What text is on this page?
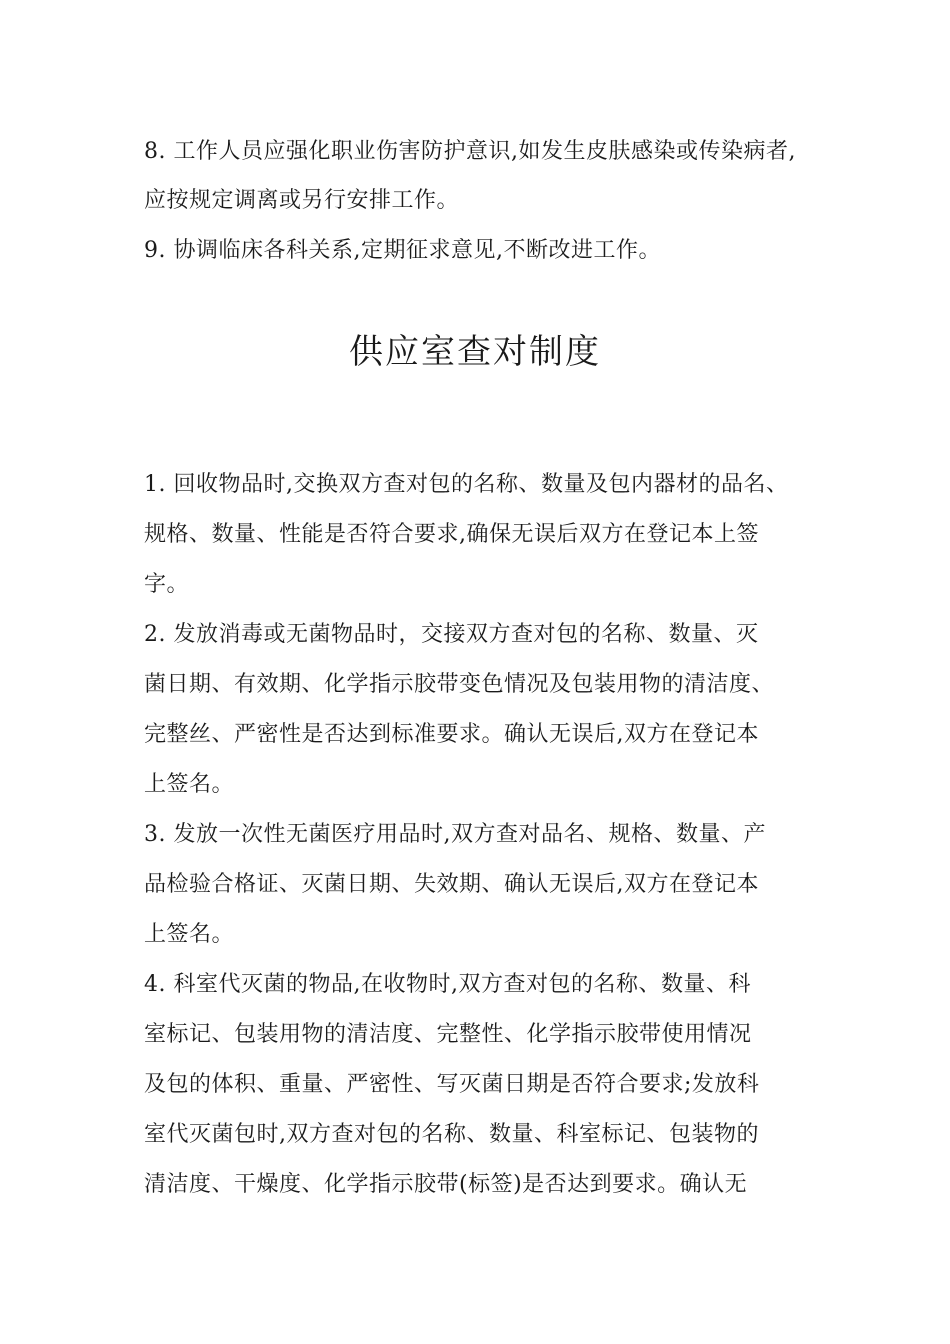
8. 工作人员应强化职业伤害防护意识,如发生皮肤感染或传染病者,
应按规定调离或另行安排工作。
9. 协调临床各科关系,定期征求意见,不断改进工作。
供应室查对制度
1. 回收物品时,交换双方查对包的名称、数量及包内器材的品名、
规格、数量、性能是否符合要求,确保无误后双方在登记本上签
字。
2. 发放消毒或无菌物品时，交接双方查对包的名称、数量、灭
菌日期、有效期、化学指示胶带变色情况及包装用物的清洁度、
完整丝、严密性是否达到标准要求。确认无误后,双方在登记本
上签名。
3. 发放一次性无菌医疗用品时,双方查对品名、规格、数量、产
品检验合格证、灭菌日期、失效期、确认无误后,双方在登记本
上签名。
4. 科室代灭菌的物品,在收物时,双方查对包的名称、数量、科
室标记、包装用物的清洁度、完整性、化学指示胶带使用情况
及包的体积、重量、严密性、写灭菌日期是否符合要求;发放科
室代灭菌包时,双方查对包的名称、数量、科室标记、包装物的
清洁度、干燥度、化学指示胶带(标签)是否达到要求。确认无
